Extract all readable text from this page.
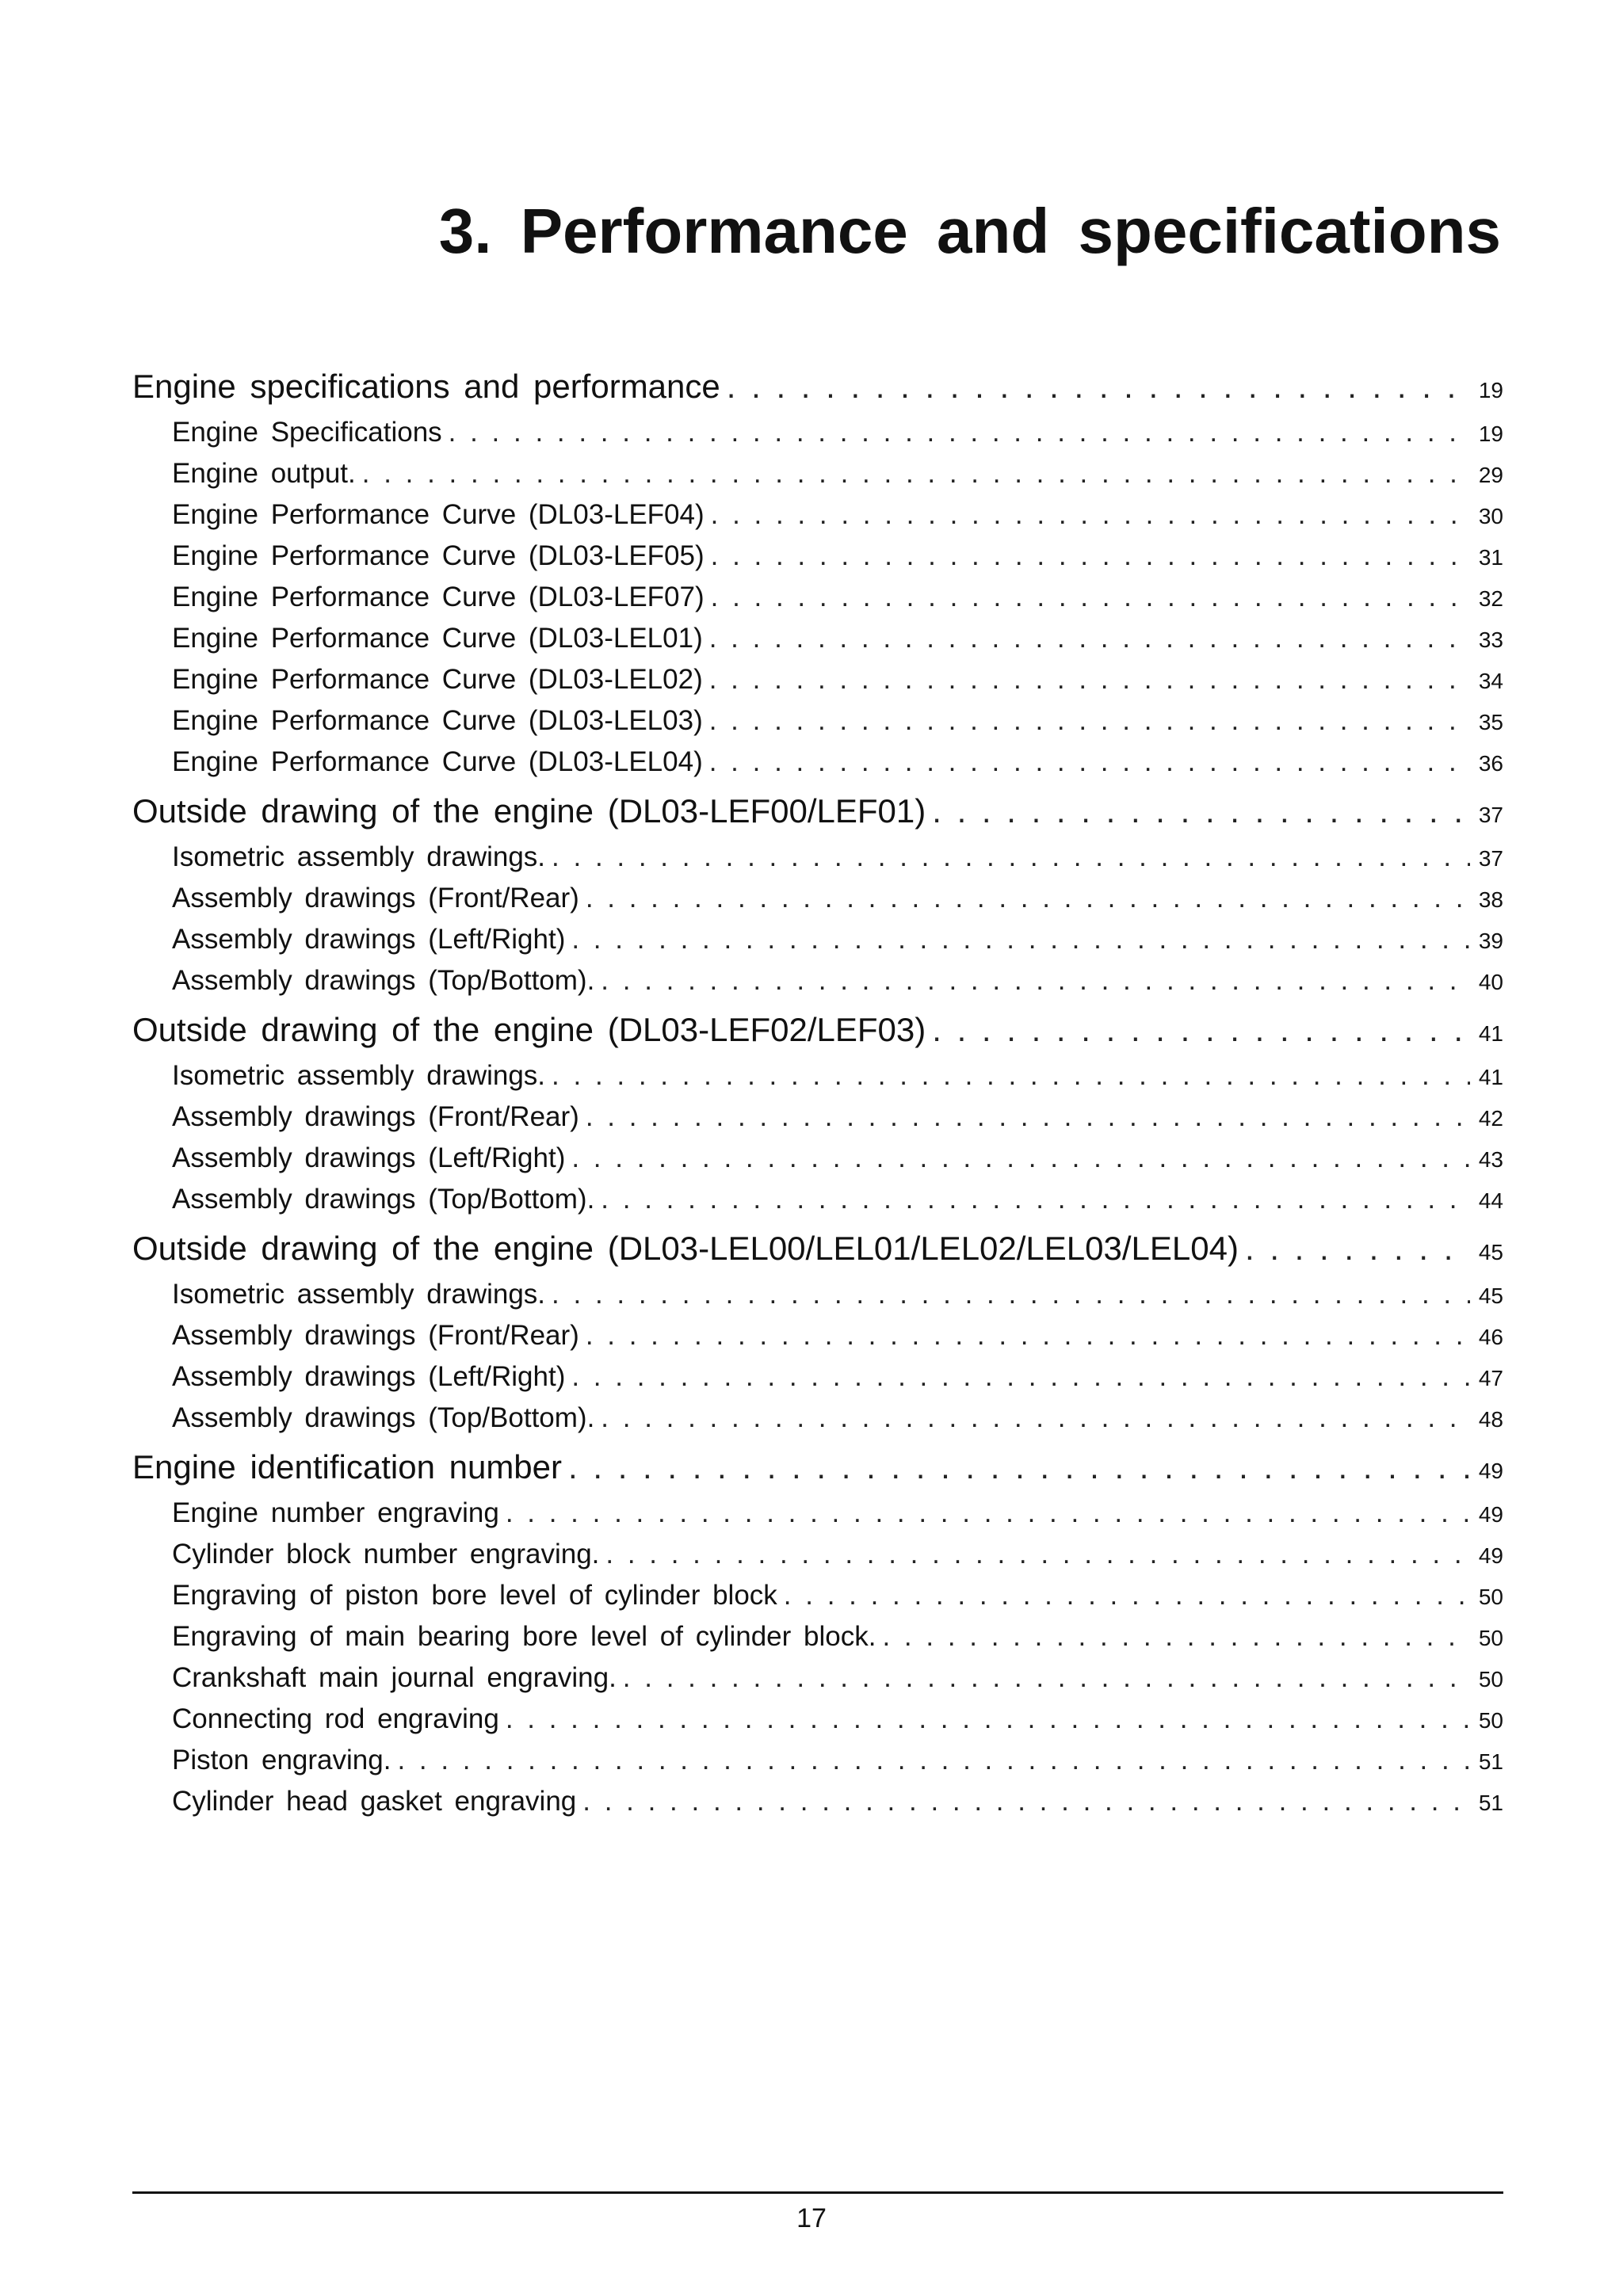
3. Performance and specifications
Engine specifications and performance . . .	19
Engine Specifications . . .	19
Engine output. . . .	29
Engine Performance Curve (DL03-LEF04) . . .	30
Engine Performance Curve (DL03-LEF05) . . .	31
Engine Performance Curve (DL03-LEF07) . . .	32
Engine Performance Curve (DL03-LEL01) . . .	33
Engine Performance Curve (DL03-LEL02) . . .	34
Engine Performance Curve (DL03-LEL03) . . .	35
Engine Performance Curve (DL03-LEL04) . . .	36
Outside drawing of the engine (DL03-LEF00/LEF01) . . .	37
Isometric assembly drawings. . . .	37
Assembly drawings (Front/Rear) . . .	38
Assembly drawings (Left/Right) . . .	39
Assembly drawings (Top/Bottom). . . .	40
Outside drawing of the engine (DL03-LEF02/LEF03) . . .	41
Isometric assembly drawings. . . .	41
Assembly drawings (Front/Rear) . . .	42
Assembly drawings (Left/Right) . . .	43
Assembly drawings (Top/Bottom). . . .	44
Outside drawing of the engine (DL03-LEL00/LEL01/LEL02/LEL03/LEL04) . . .	45
Isometric assembly drawings. . . .	45
Assembly drawings (Front/Rear) . . .	46
Assembly drawings (Left/Right) . . .	47
Assembly drawings (Top/Bottom). . . .	48
Engine identification number . . .	49
Engine number engraving . . .	49
Cylinder block number engraving. . . .	49
Engraving of piston bore level of cylinder block . . .	50
Engraving of main bearing bore level of cylinder block. . . .	50
Crankshaft main journal engraving. . . .	50
Connecting rod engraving . . .	50
Piston engraving. . . .	51
Cylinder head gasket engraving . . .	51
17
